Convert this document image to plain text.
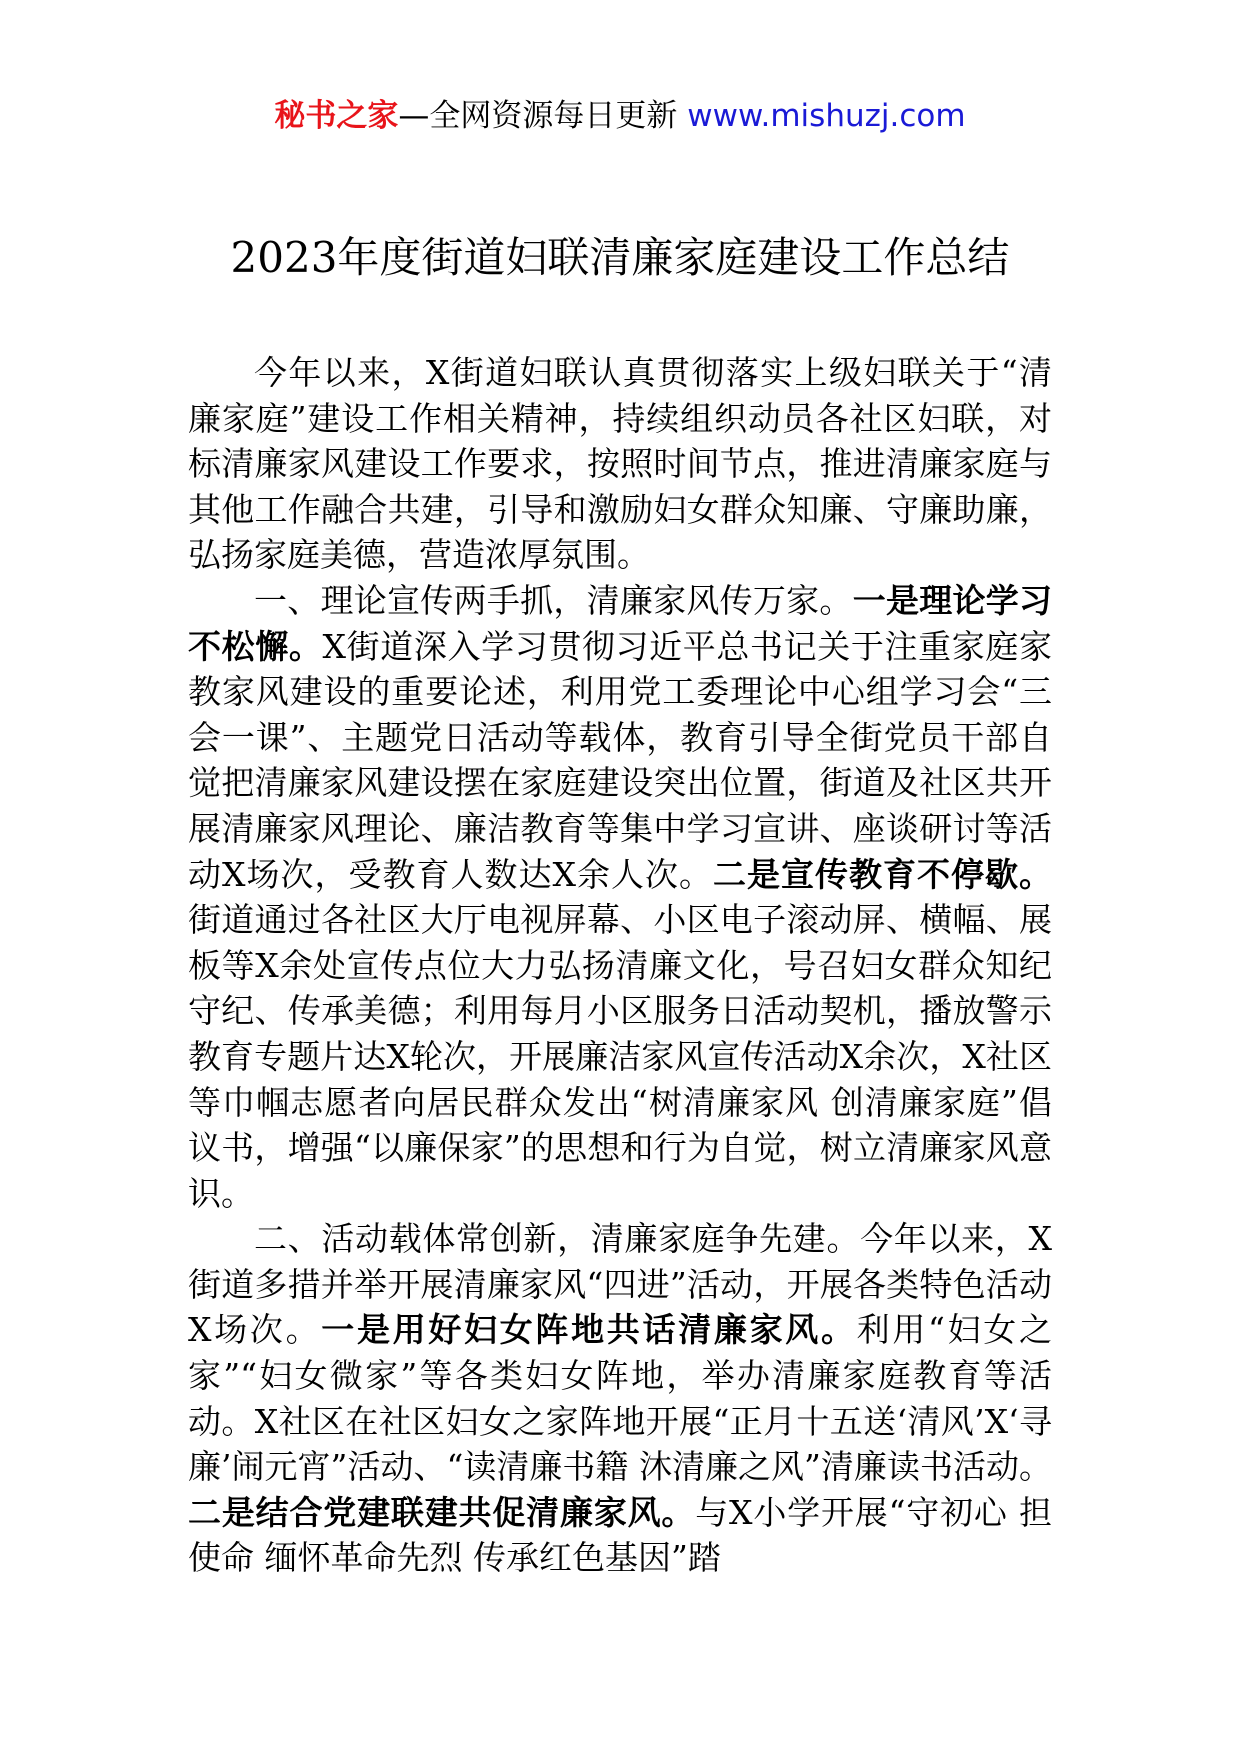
秘书之家—全网资源每日更新 www.mishuzj.com
2023年度街道妇联清廉家庭建设工作总结

今年以来，X街道妇联认真贯彻落实上级妇联关于“清廉家庭”建设工作相关精神，持续组织动员各社区妇联，对标清廉家风建设工作要求，按照时间节点，推进清廉家庭与其他工作融合共建，引导和激励妇女群众知廉、守廉助廉，弘扬家庭美德，营造浓厚氛围。

一、理论宣传两手抓，清廉家风传万家。一是理论学习不松懈。X街道深入学习贯彻习近平总书记关于注重家庭家教家风建设的重要论述，利用党工委理论中心组学习会“三会一课”、主题党日活动等载体，教育引导全街党员干部自觉把清廉家风建设摆在家庭建设突出位置，街道及社区共开展清廉家风理论、廉洁教育等集中学习宣讲、座谈研讨等活动X场次，受教育人数达X余人次。二是宣传教育不停歇。街道通过各社区大厅电视屏幕、小区电子滚动屏、横幅、展板等X余处宣传点位大力弘扬清廉文化，号召妇女群众知纪守纪、传承美德；利用每月小区服务日活动契机，播放警示教育专题片达X轮次，开展廉洁家风宣传活动X余次，X社区等巾帼志愿者向居民群众发出“树清廉家风 创清廉家庭”倡议书，增强“以廉保家”的思想和行为自觉，树立清廉家风意识。

二、活动载体常创新，清廉家庭争先建。今年以来，X街道多措并举开展清廉家风“四进”活动，开展各类特色活动X场次。一是用好妇女阵地共话清廉家风。利用“妇女之家”“妇女微家”等各类妇女阵地，举办清廉家庭教育等活动。X社区在社区妇女之家阵地开展“正月十五送‘清风’X‘寻廉’闹元宵”活动、“读清廉书籍 沐清廉之风”清廉读书活动。二是结合党建联建共促清廉家风。与X小学开展“守初心 担使命 缅怀革命先烈 传承红色基因”踏
